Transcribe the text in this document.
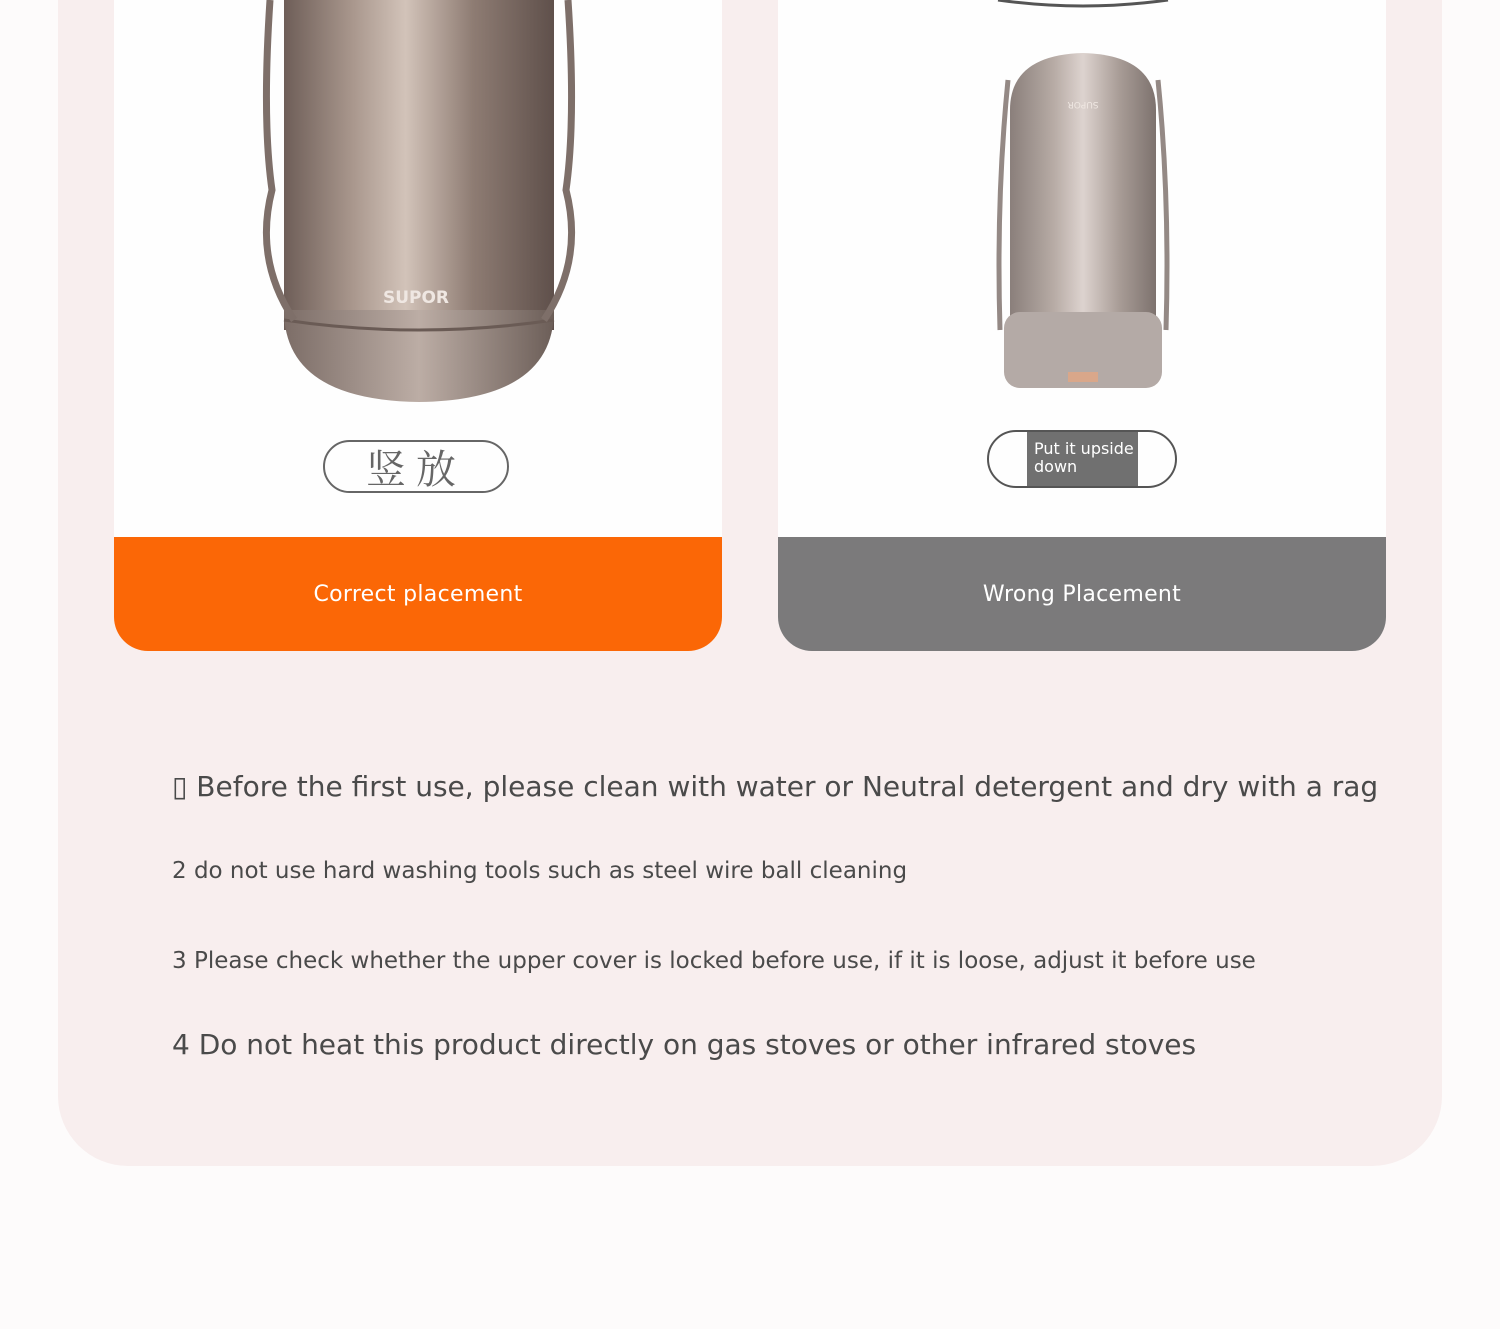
SUPOR
竖放
Correct placement
SUPOR
Put it upside down
Wrong Placement
▯ Before the first use, please clean with water or Neutral detergent and dry with a rag
2 do not use hard washing tools such as steel wire ball cleaning
3 Please check whether the upper cover is locked before use, if it is loose, adjust it before use
4 Do not heat this product directly on gas stoves or other infrared stoves
